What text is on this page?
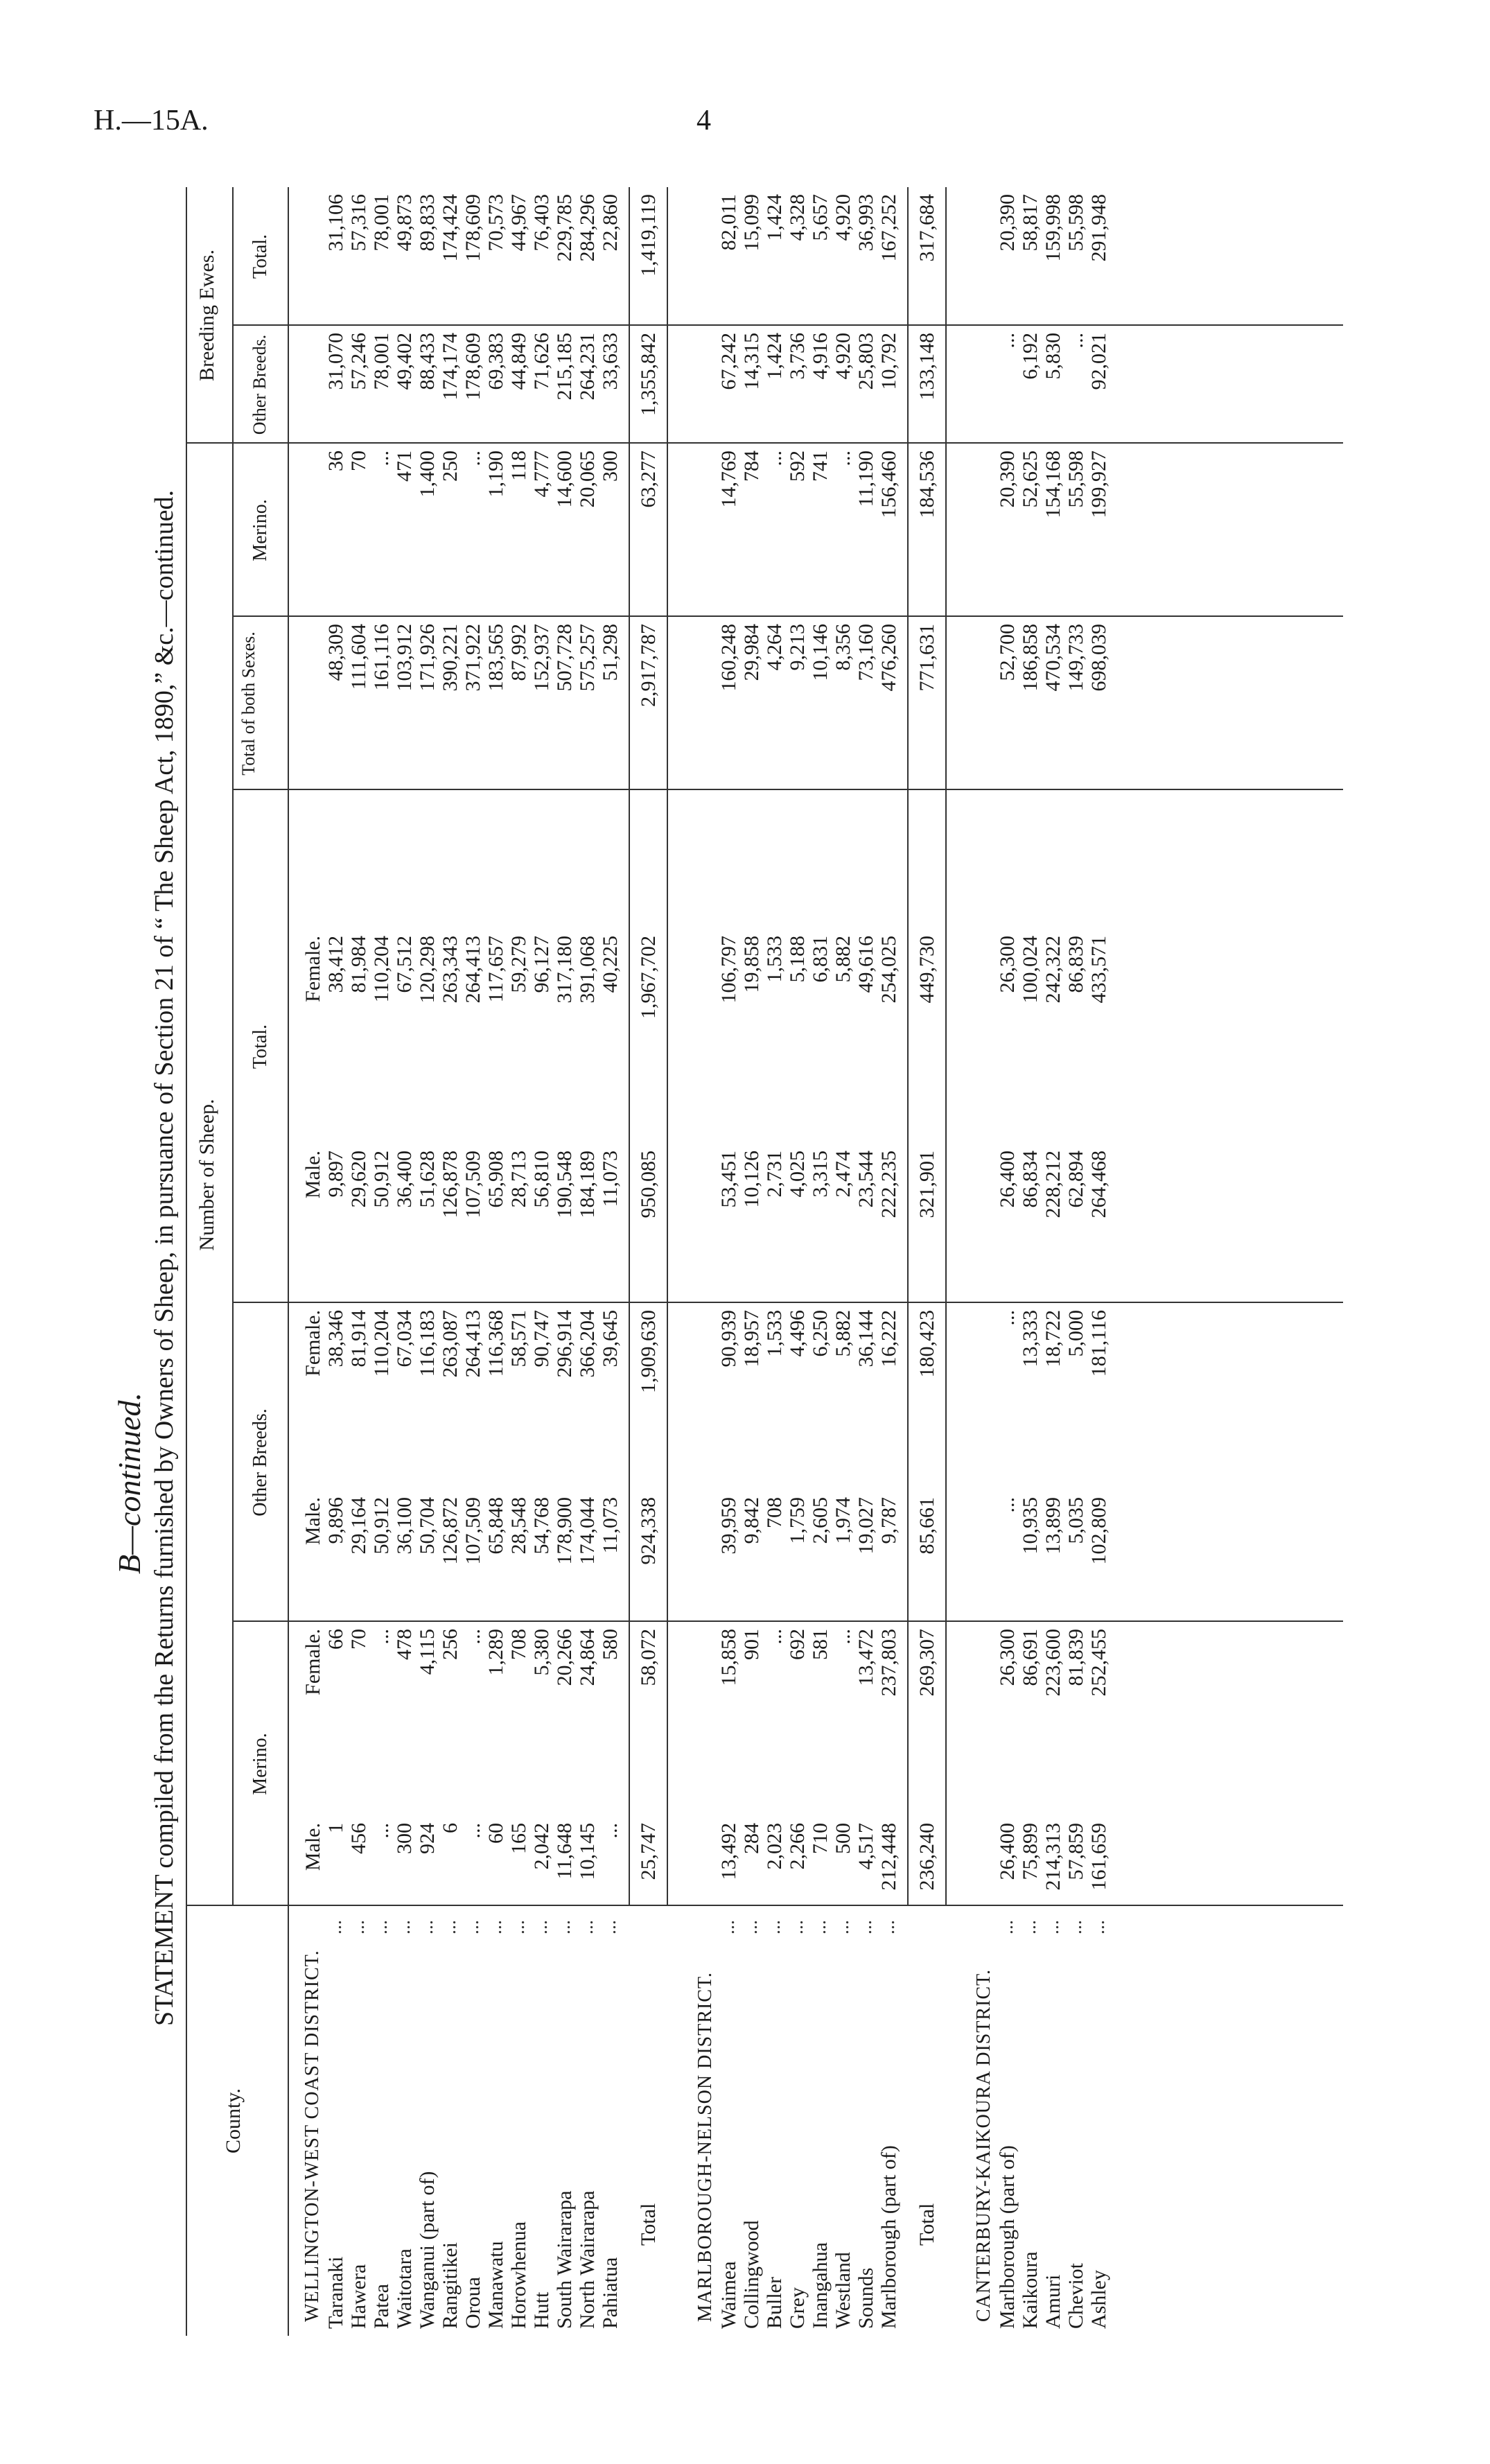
H.—15A.	4
B—continued. STATEMENT compiled from the Returns furnished by Owners of Sheep, in pursuance of Section 21 of “ The Sheep Act, 1890,” &c.—continued.
County.
Number of Sheep.
Breeding Ewes.
Merino.
Other Breeds.
Total.
Total of both Sexes.
Merino.
Other Breeds.
Total.
WELLINGTON-WEST COAST DISTRICT.
Male.
Female.
Male.
Female.
Male.
Female.
Taranaki
...
1
66
9,896
38,346
9,897
38,412
48,309
36
31,070
31,106
Hawera
...
456
70
29,164
81,914
29,620
81,984
111,604
70
57,246
57,316
Patea
...
...
...
50,912
110,204
50,912
110,204
161,116
...
78,001
78,001
Waitotara
...
300
478
36,100
67,034
36,400
67,512
103,912
471
49,402
49,873
Wanganui (part of)
...
924
4,115
50,704
116,183
51,628
120,298
171,926
1,400
88,433
89,833
Rangitikei
...
6
256
126,872
263,087
126,878
263,343
390,221
250
174,174
174,424
Oroua
...
...
...
107,509
264,413
107,509
264,413
371,922
...
178,609
178,609
Manawatu
...
60
1,289
65,848
116,368
65,908
117,657
183,565
1,190
69,383
70,573
Horowhenua
...
165
708
28,548
58,571
28,713
59,279
87,992
118
44,849
44,967
Hutt
...
2,042
5,380
54,768
90,747
56,810
96,127
152,937
4,777
71,626
76,403
South Wairarapa
...
11,648
20,266
178,900
296,914
190,548
317,180
507,728
14,600
215,185
229,785
North Wairarapa
...
10,145
24,864
174,044
366,204
184,189
391,068
575,257
20,065
264,231
284,296
Pahiatua
...
...
580
11,073
39,645
11,073
40,225
51,298
300
33,633
22,860
Total
25,747
58,072
924,338
1,909,630
950,085
1,967,702
2,917,787
63,277
1,355,842
1,419,119
MARLBOROUGH-NELSON DISTRICT. Waimea
...
13,492
15,858
39,959
90,939
53,451
106,797
160,248
14,769
67,242
82,011
Collingwood
...
284
901
9,842
18,957
10,126
19,858
29,984
784
14,315
15,099
Buller
...
2,023
...
708
1,533
2,731
1,533
4,264
...
1,424
1,424
Grey
...
2,266
692
1,759
4,496
4,025
5,188
9,213
592
3,736
4,328
Inangahua
...
710
581
2,605
6,250
3,315
6,831
10,146
741
4,916
5,657
Westland
...
500
...
1,974
5,882
2,474
5,882
8,356
...
4,920
4,920
Sounds
...
4,517
13,472
19,027
36,144
23,544
49,616
73,160
11,190
25,803
36,993
Marlborough (part of)
...
212,448
237,803
9,787
16,222
222,235
254,025
476,260
156,460
10,792
167,252
Total
236,240
269,307
85,661
180,423
321,901
449,730
771,631
184,536
133,148
317,684
CANTERBURY-KAIKOURA DISTRICT. Marlborough (part of)
...
26,400
26,300
...
...
26,400
26,300
52,700
20,390
...
20,390
Kaikoura
...
75,899
86,691
10,935
13,333
86,834
100,024
186,858
52,625
6,192
58,817
Amuri
...
214,313
223,600
13,899
18,722
228,212
242,322
470,534
154,168
5,830
159,998
Cheviot
...
57,859
81,839
5,035
5,000
62,894
86,839
149,733
55,598
...
55,598
Ashley
...
161,659
252,455
102,809
181,116
264,468
433,571
698,039
199,927
92,021
291,948
